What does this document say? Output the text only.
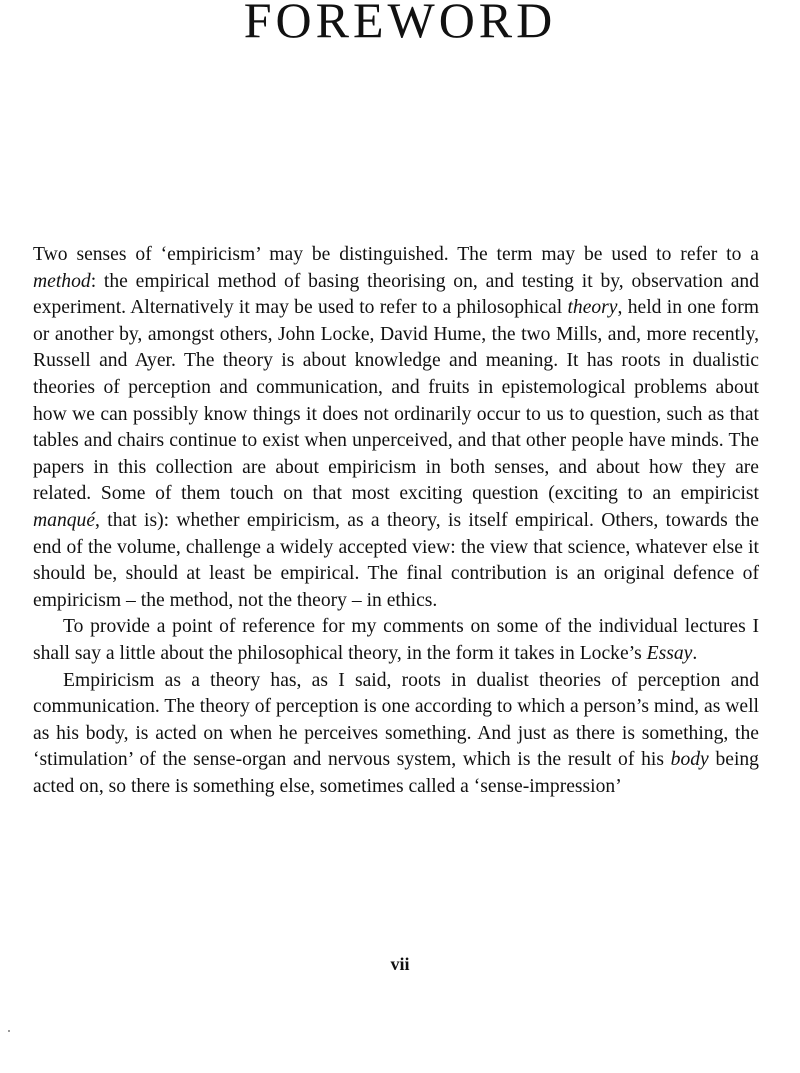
FOREWORD

Two senses of ‘empiricism’ may be distinguished. The term may be used to refer to a method: the empirical method of basing theorising on, and testing it by, observation and experiment. Alternatively it may be used to refer to a philosophical theory, held in one form or another by, amongst others, John Locke, David Hume, the two Mills, and, more recently, Russell and Ayer. The theory is about knowledge and meaning. It has roots in dualistic theories of perception and communication, and fruits in epistemological problems about how we can possibly know things it does not ordinarily occur to us to question, such as that tables and chairs continue to exist when unperceived, and that other people have minds. The papers in this collection are about empiricism in both senses, and about how they are related. Some of them touch on that most exciting question (exciting to an empiricist manqué, that is): whether empiricism, as a theory, is itself empirical. Others, towards the end of the volume, challenge a widely accepted view: the view that science, whatever else it should be, should at least be empirical. The final contribution is an original defence of empiricism – the method, not the theory – in ethics.

To provide a point of reference for my comments on some of the individual lectures I shall say a little about the philosophical theory, in the form it takes in Locke’s Essay.

Empiricism as a theory has, as I said, roots in dualist theories of perception and communication. The theory of perception is one according to which a person’s mind, as well as his body, is acted on when he perceives something. And just as there is something, the ‘stimulation’ of the sense-organ and nervous system, which is the result of his body being acted on, so there is something else, sometimes called a ‘sense-impression’

vii
